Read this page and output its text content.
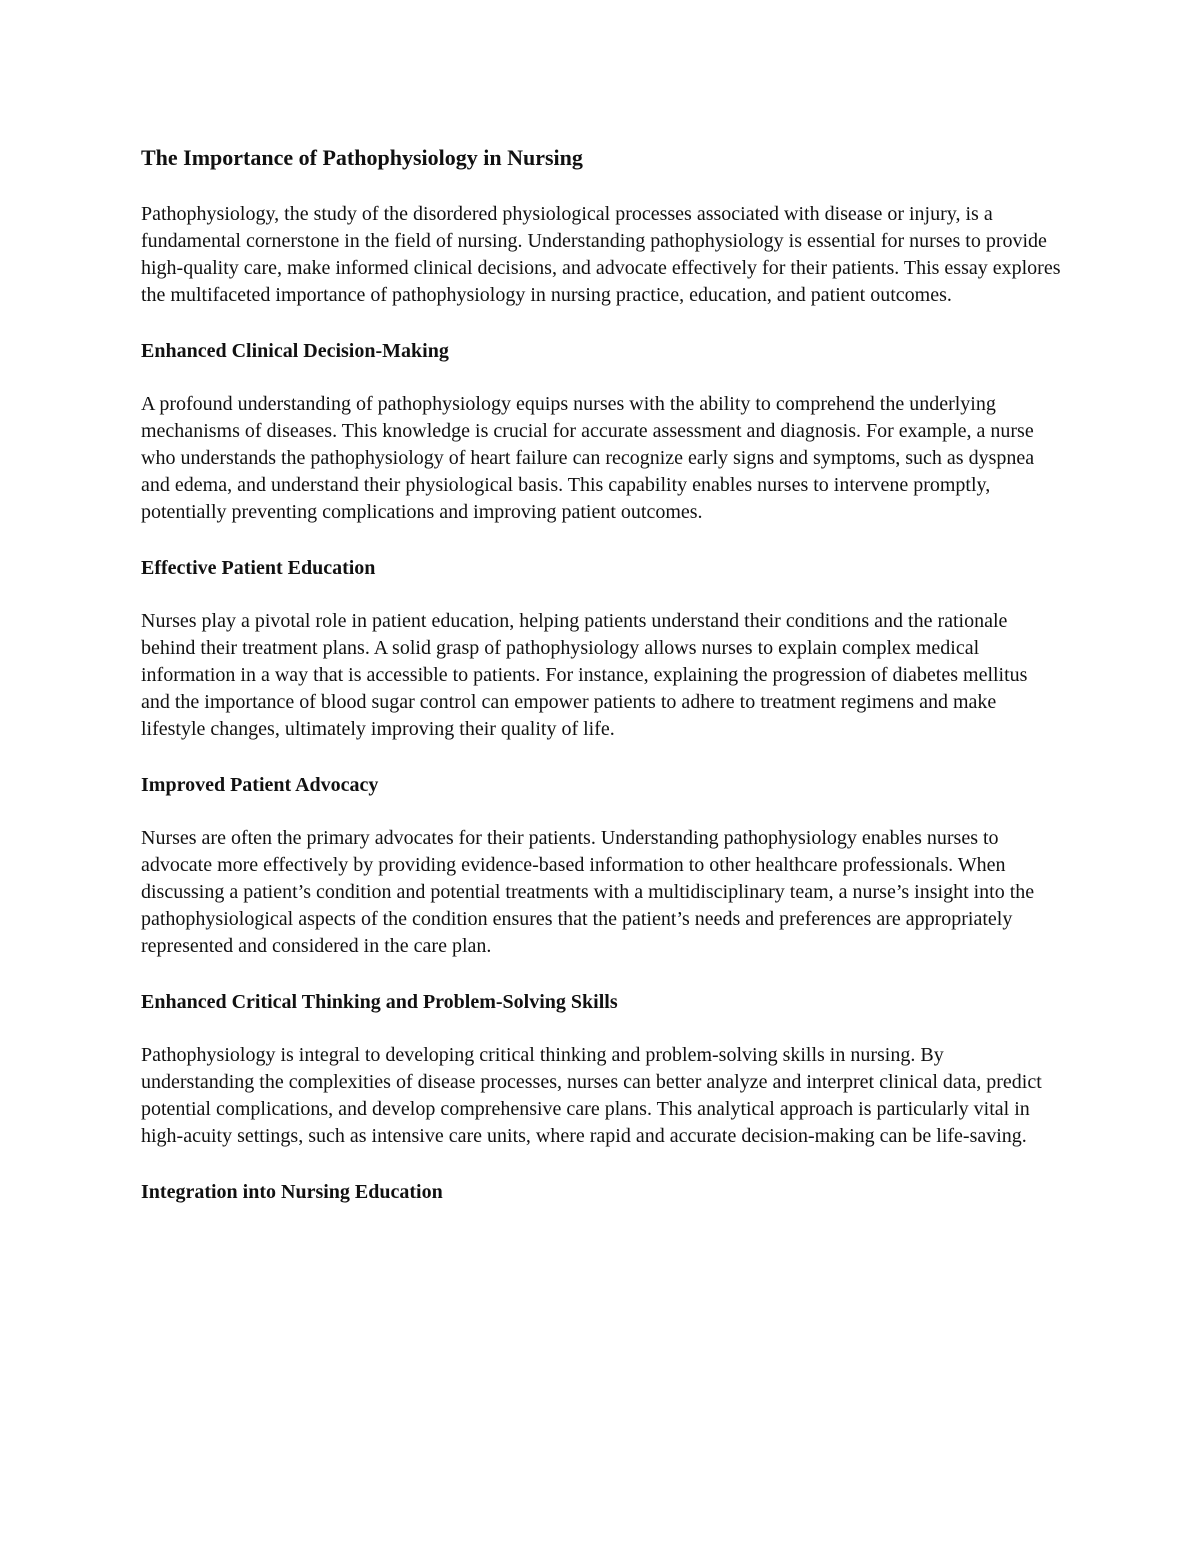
The Importance of Pathophysiology in Nursing

Pathophysiology, the study of the disordered physiological processes associated with disease or injury, is a fundamental cornerstone in the field of nursing. Understanding pathophysiology is essential for nurses to provide high-quality care, make informed clinical decisions, and advocate effectively for their patients. This essay explores the multifaceted importance of pathophysiology in nursing practice, education, and patient outcomes.

Enhanced Clinical Decision-Making

A profound understanding of pathophysiology equips nurses with the ability to comprehend the underlying mechanisms of diseases. This knowledge is crucial for accurate assessment and diagnosis. For example, a nurse who understands the pathophysiology of heart failure can recognize early signs and symptoms, such as dyspnea and edema, and understand their physiological basis. This capability enables nurses to intervene promptly, potentially preventing complications and improving patient outcomes.

Effective Patient Education

Nurses play a pivotal role in patient education, helping patients understand their conditions and the rationale behind their treatment plans. A solid grasp of pathophysiology allows nurses to explain complex medical information in a way that is accessible to patients. For instance, explaining the progression of diabetes mellitus and the importance of blood sugar control can empower patients to adhere to treatment regimens and make lifestyle changes, ultimately improving their quality of life.

Improved Patient Advocacy

Nurses are often the primary advocates for their patients. Understanding pathophysiology enables nurses to advocate more effectively by providing evidence-based information to other healthcare professionals. When discussing a patient’s condition and potential treatments with a multidisciplinary team, a nurse’s insight into the pathophysiological aspects of the condition ensures that the patient’s needs and preferences are appropriately represented and considered in the care plan.

Enhanced Critical Thinking and Problem-Solving Skills

Pathophysiology is integral to developing critical thinking and problem-solving skills in nursing. By understanding the complexities of disease processes, nurses can better analyze and interpret clinical data, predict potential complications, and develop comprehensive care plans. This analytical approach is particularly vital in high-acuity settings, such as intensive care units, where rapid and accurate decision-making can be life-saving.

Integration into Nursing Education
